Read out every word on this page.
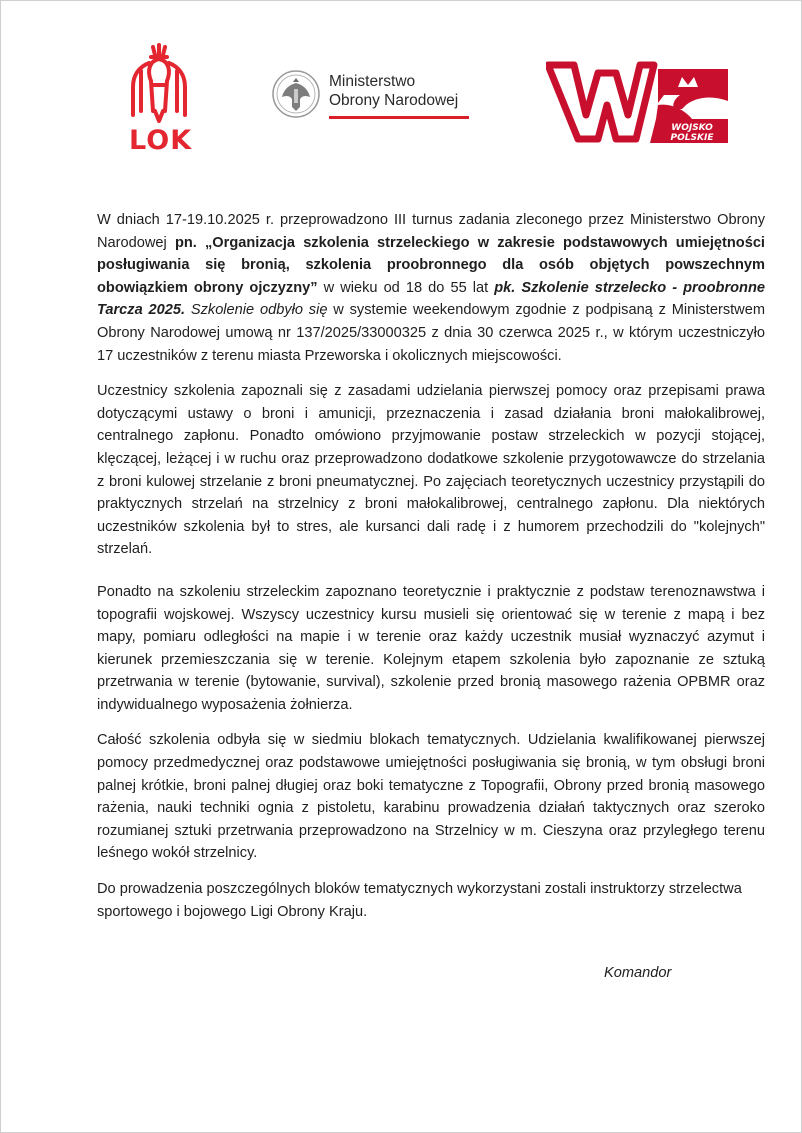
LOK
Ministerstwo
Obrony Narodowej
WOJSKO
POLSKIE

W dniach 17-19.10.2025 r. przeprowadzono III turnus zadania zleconego przez Ministerstwo Obrony Narodowej pn. „Organizacja szkolenia strzeleckiego w zakresie podstawowych umiejętności posługiwania się bronią, szkolenia proobronnego dla osób objętych powszechnym obowiązkiem obrony ojczyzny” w wieku od 18 do 55 lat pk. Szkolenie strzelecko - proobronne Tarcza 2025. Szkolenie odbyło się w systemie weekendowym zgodnie z podpisaną z Ministerstwem Obrony Narodowej umową nr 137/2025/33000325 z dnia 30 czerwca 2025 r., w którym uczestniczyło 17 uczestników z terenu miasta Przeworska i okolicznych miejscowości.

Uczestnicy szkolenia zapoznali się z zasadami udzielania pierwszej pomocy oraz przepisami prawa dotyczącymi ustawy o broni i amunicji, przeznaczenia i zasad działania broni małokalibrowej, centralnego zapłonu. Ponadto omówiono przyjmowanie postaw strzeleckich w pozycji stojącej, klęczącej, leżącej i w ruchu oraz przeprowadzono dodatkowe szkolenie przygotowawcze do strzelania z broni kulowej strzelanie z broni pneumatycznej. Po zajęciach teoretycznych uczestnicy przystąpili do praktycznych strzelań na strzelnicy z broni małokalibrowej, centralnego zapłonu. Dla niektórych uczestników szkolenia był to stres, ale kursanci dali radę i z humorem przechodzili do "kolejnych" strzelań.

Ponadto na szkoleniu strzeleckim zapoznano teoretycznie i praktycznie z podstaw terenoznawstwa i topografii wojskowej. Wszyscy uczestnicy kursu musieli się orientować się w terenie z mapą i bez mapy, pomiaru odległości na mapie i w terenie oraz każdy uczestnik musiał wyznaczyć azymut i kierunek przemieszczania się w terenie. Kolejnym etapem szkolenia było zapoznanie ze sztuką przetrwania w terenie (bytowanie, survival), szkolenie przed bronią masowego rażenia OPBMR oraz indywidualnego wyposażenia żołnierza.

Całość szkolenia odbyła się w siedmiu blokach tematycznych. Udzielania kwalifikowanej pierwszej pomocy przedmedycznej oraz podstawowe umiejętności posługiwania się bronią, w tym obsługi broni palnej krótkie, broni palnej długiej oraz boki tematyczne z Topografii, Obrony przed bronią masowego rażenia, nauki techniki ognia z pistoletu, karabinu prowadzenia działań taktycznych oraz szeroko rozumianej sztuki przetrwania przeprowadzono na Strzelnicy w m. Cieszyna oraz przyległego terenu leśnego wokół strzelnicy.

Do prowadzenia poszczególnych bloków tematycznych wykorzystani zostali instruktorzy strzelectwa sportowego i bojowego Ligi Obrony Kraju.

Komandor
